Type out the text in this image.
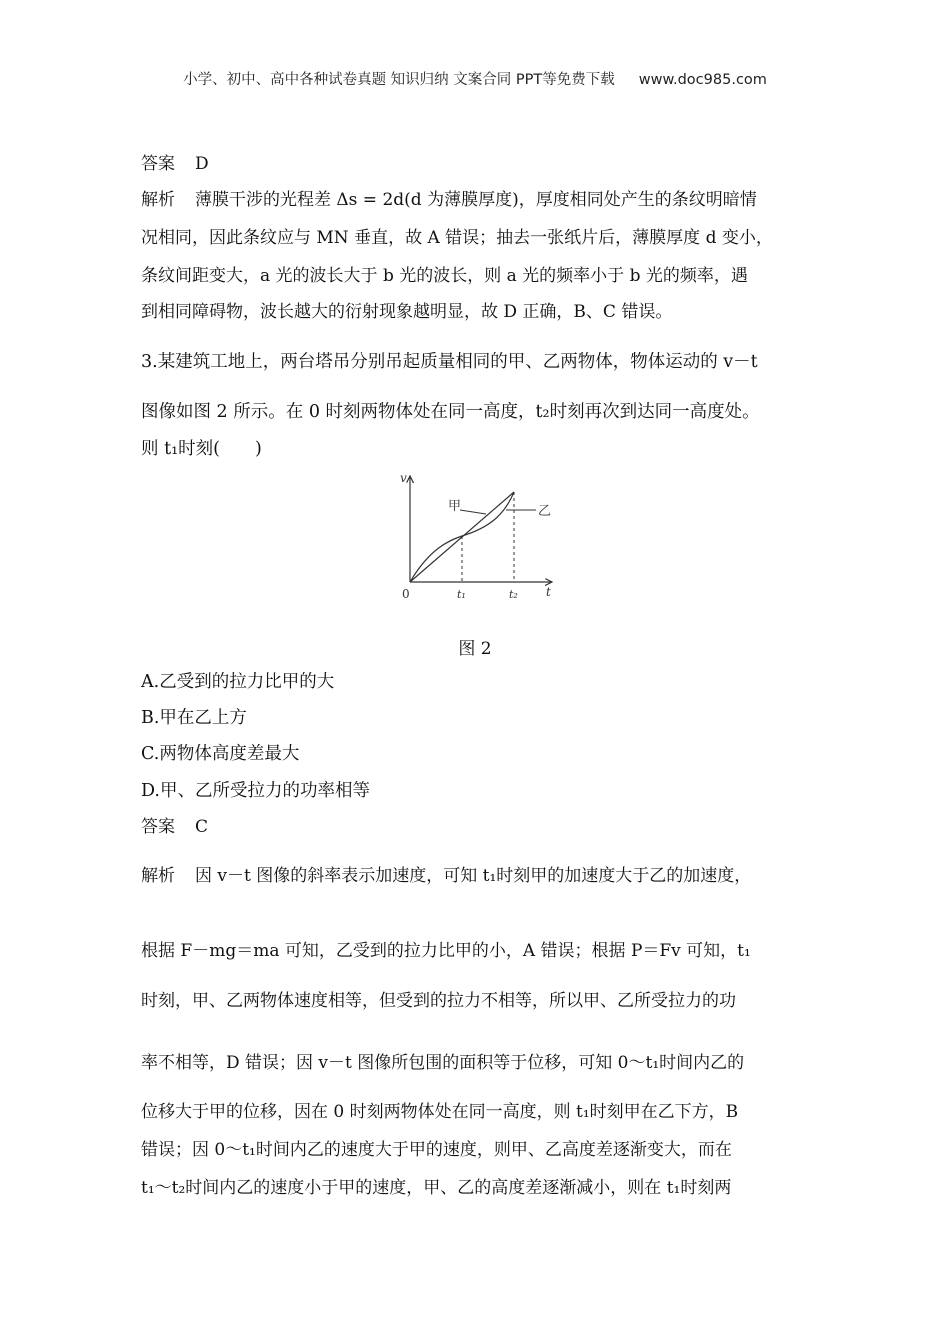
小学、初中、高中各种试卷真题 知识归纳 文案合同 PPT等免费下载 www.doc985.com
答案 D
解析 薄膜干涉的光程差 Δs = 2d(d 为薄膜厚度)，厚度相同处产生的条纹明暗情
况相同，因此条纹应与 MN 垂直，故 A 错误；抽去一张纸片后，薄膜厚度 d 变小，
条纹间距变大，a 光的波长大于 b 光的波长，则 a 光的频率小于 b 光的频率，遇
到相同障碍物，波长越大的衍射现象越明显，故 D 正确，B、C 错误。
3.某建筑工地上，两台塔吊分别吊起质量相同的甲、乙两物体，物体运动的 v－t
图像如图 2 所示。在 0 时刻两物体处在同一高度，t₂时刻再次到达同一高度处。
则 t₁时刻(　　)
v
t
0	t₁	t₂
甲	乙
图 2
A.乙受到的拉力比甲的大
B.甲在乙上方
C.两物体高度差最大
D.甲、乙所受拉力的功率相等
答案 C
解析 因 v－t 图像的斜率表示加速度，可知 t₁时刻甲的加速度大于乙的加速度，
根据 F－mg＝ma 可知，乙受到的拉力比甲的小，A 错误；根据 P＝Fv 可知，t₁
时刻，甲、乙两物体速度相等，但受到的拉力不相等，所以甲、乙所受拉力的功
率不相等，D 错误；因 v－t 图像所包围的面积等于位移，可知 0～t₁时间内乙的
位移大于甲的位移，因在 0 时刻两物体处在同一高度，则 t₁时刻甲在乙下方，B
错误；因 0～t₁时间内乙的速度大于甲的速度，则甲、乙高度差逐渐变大，而在
t₁～t₂时间内乙的速度小于甲的速度，甲、乙的高度差逐渐减小，则在 t₁时刻两
